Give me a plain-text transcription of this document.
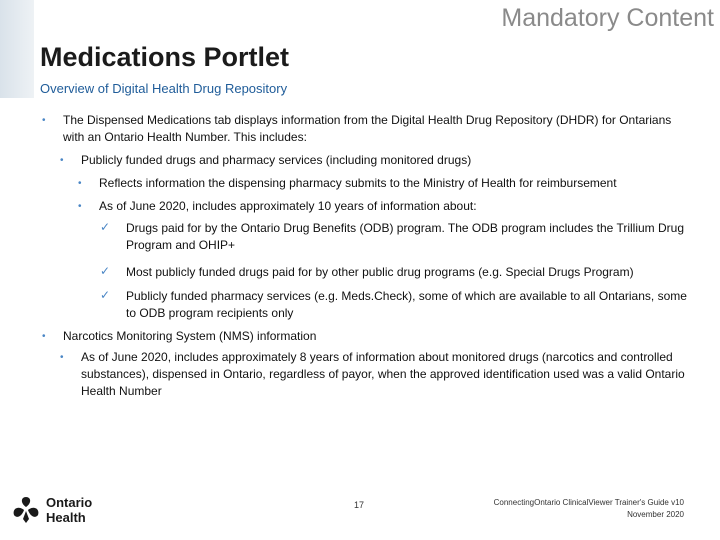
Mandatory Content
Medications Portlet
Overview of Digital Health Drug Repository
• The Dispensed Medications tab displays information from the Digital Health Drug Repository (DHDR) for Ontarians with an Ontario Health Number. This includes:
• Publicly funded drugs and pharmacy services (including monitored drugs)
• Reflects information the dispensing pharmacy submits to the Ministry of Health for reimbursement
• As of June 2020, includes approximately 10 years of information about:
✓ Drugs paid for by the Ontario Drug Benefits (ODB) program. The ODB program includes the Trillium Drug Program and OHIP+
✓ Most publicly funded drugs paid for by other public drug programs (e.g. Special Drugs Program)
✓ Publicly funded pharmacy services (e.g. Meds.Check), some of which are available to all Ontarians, some to ODB program recipients only
• Narcotics Monitoring System (NMS) information
• As of June 2020, includes approximately 8 years of information about monitored drugs (narcotics and controlled substances), dispensed in Ontario, regardless of payor, when the approved identification used was a valid Ontario Health Number
Ontario
Health
17	ConnectingOntario ClinicalViewer Trainer's Guide v10
November 2020
